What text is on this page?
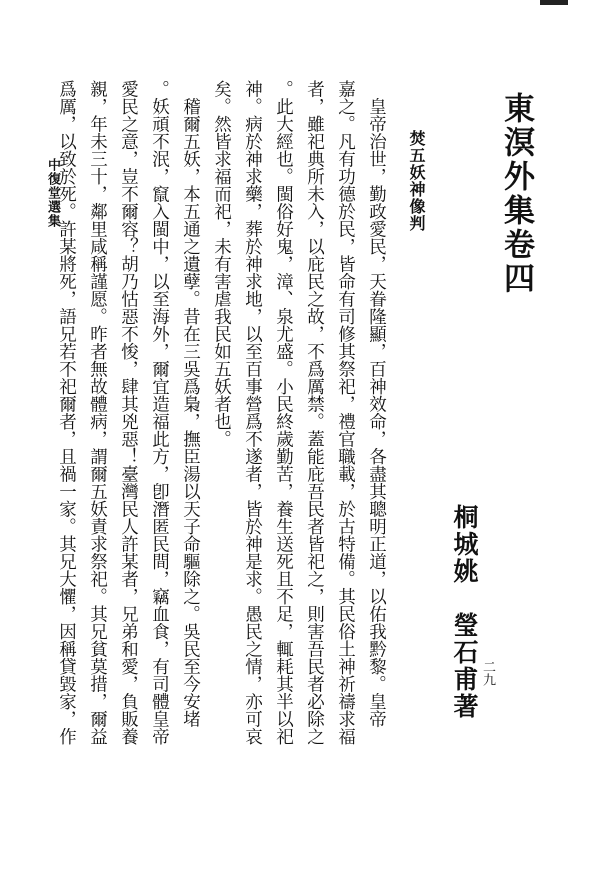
東溟外集卷四
桐城姚　瑩石甫著
焚五妖神像判
　皇帝治世，勤政愛民，天眷隆顯，百神效命，各盡其聰明正道，以佑我黔黎。皇帝
嘉之。凡有功德於民，皆命有司修其祭祀，禮官職載，於古特備。其民俗土神祈禱求福
者，雖祀典所未入，以庇民之故，不爲厲禁。蓋能庇吾民者皆祀之，則害吾民者必除之
。此大經也。閩俗好鬼，漳、泉尤盛。小民終歲勤苦，養生送死且不足，輒耗其半以祀
神。病於神求藥，葬於神求地，以至百事營爲不遂者，皆於神是求。愚民之情，亦可哀
矣。然皆求福而祀，未有害虐我民如五妖者也。
　稽爾五妖，本五通之遺孽。昔在三吳爲梟，撫臣湯以天子命驅除之。吳民至今安堵
。妖頑不泯，竄入閩中，以至海外，爾宜造福此方，卽潛匿民間，竊血食，有司體皇帝
愛民之意，豈不爾容？胡乃怙惡不悛，肆其兇惡！臺灣民人許某者，兄弟和愛，負販養
親，年未三十，鄰里咸稱謹愿。昨者無故體病，謂爾五妖責求祭祀。其兄貧莫措，爾益
爲厲，以致於死。許某將死，語兄若不祀爾者，且禍一家。其兄大懼，因稱貸毀家，作
中復堂選集
二九
